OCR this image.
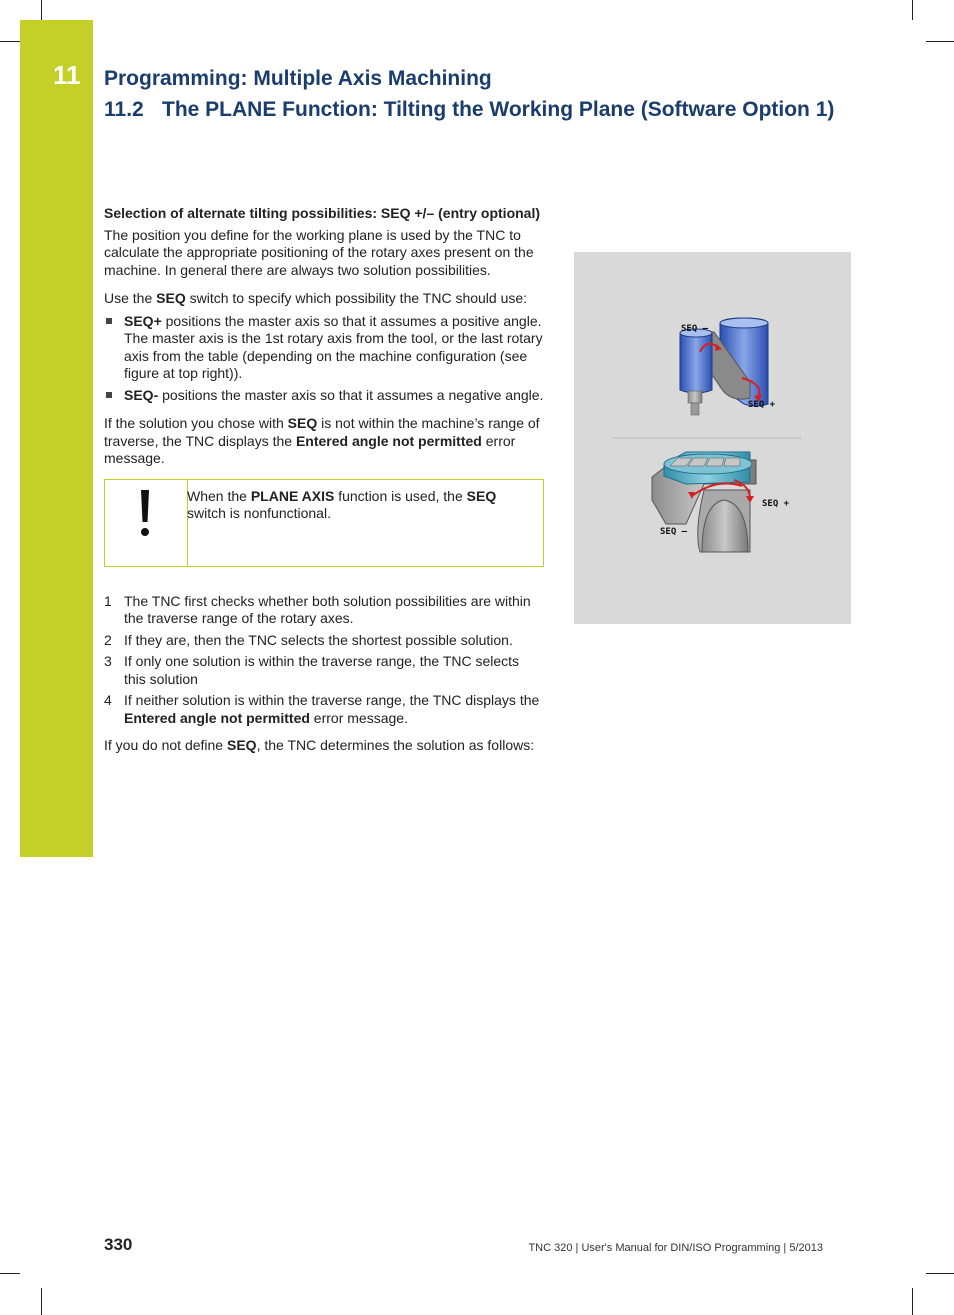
11 Programming: Multiple Axis Machining
11.2 The PLANE Function: Tilting the Working Plane (Software Option 1)

Selection of alternate tilting possibilities: SEQ +/– (entry optional)

The position you define for the working plane is used by the TNC to calculate the appropriate positioning of the rotary axes present on the machine. In general there are always two solution possibilities.

Use the SEQ switch to specify which possibility the TNC should use:

SEQ+ positions the master axis so that it assumes a positive angle. The master axis is the 1st rotary axis from the tool, or the last rotary axis from the table (depending on the machine configuration (see figure at top right)).
SEQ- positions the master axis so that it assumes a negative angle.

If the solution you chose with SEQ is not within the machine’s range of traverse, the TNC displays the Entered angle not permitted error message.

When the PLANE AXIS function is used, the SEQ switch is nonfunctional.
1 The TNC first checks whether both solution possibilities are within the traverse range of the rotary axes.
2 If they are, then the TNC selects the shortest possible solution.
3 If only one solution is within the traverse range, the TNC selects this solution
4 If neither solution is within the traverse range, the TNC displays the Entered angle not permitted error message.

If you do not define SEQ, the TNC determines the solution as follows:

SEQ –
SEQ +
SEQ +
SEQ –
330	TNC 320 | User's Manual for DIN/ISO Programming | 5/2013
